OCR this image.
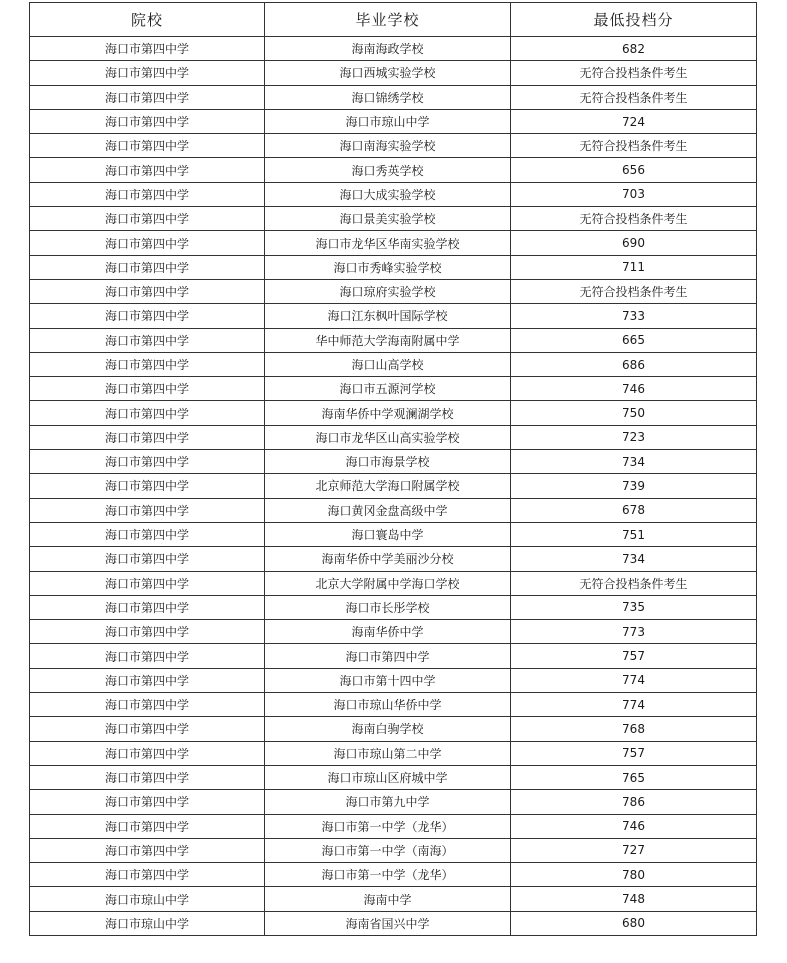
院校	毕业学校	最低投档分
海口市第四中学	海南海政学校	682
海口市第四中学	海口西城实验学校	无符合投档条件考生
海口市第四中学	海口锦绣学校	无符合投档条件考生
海口市第四中学	海口市琼山中学	724
海口市第四中学	海口南海实验学校	无符合投档条件考生
海口市第四中学	海口秀英学校	656
海口市第四中学	海口大成实验学校	703
海口市第四中学	海口景美实验学校	无符合投档条件考生
海口市第四中学	海口市龙华区华南实验学校	690
海口市第四中学	海口市秀峰实验学校	711
海口市第四中学	海口琼府实验学校	无符合投档条件考生
海口市第四中学	海口江东枫叶国际学校	733
海口市第四中学	华中师范大学海南附属中学	665
海口市第四中学	海口山高学校	686
海口市第四中学	海口市五源河学校	746
海口市第四中学	海南华侨中学观澜湖学校	750
海口市第四中学	海口市龙华区山高实验学校	723
海口市第四中学	海口市海景学校	734
海口市第四中学	北京师范大学海口附属学校	739
海口市第四中学	海口黄冈金盘高级中学	678
海口市第四中学	海口寰岛中学	751
海口市第四中学	海南华侨中学美丽沙分校	734
海口市第四中学	北京大学附属中学海口学校	无符合投档条件考生
海口市第四中学	海口市长彤学校	735
海口市第四中学	海南华侨中学	773
海口市第四中学	海口市第四中学	757
海口市第四中学	海口市第十四中学	774
海口市第四中学	海口市琼山华侨中学	774
海口市第四中学	海南白驹学校	768
海口市第四中学	海口市琼山第二中学	757
海口市第四中学	海口市琼山区府城中学	765
海口市第四中学	海口市第九中学	786
海口市第四中学	海口市第一中学（龙华）	746
海口市第四中学	海口市第一中学（南海）	727
海口市第四中学	海口市第一中学（龙华）	780
海口市琼山中学	海南中学	748
海口市琼山中学	海南省国兴中学	680
